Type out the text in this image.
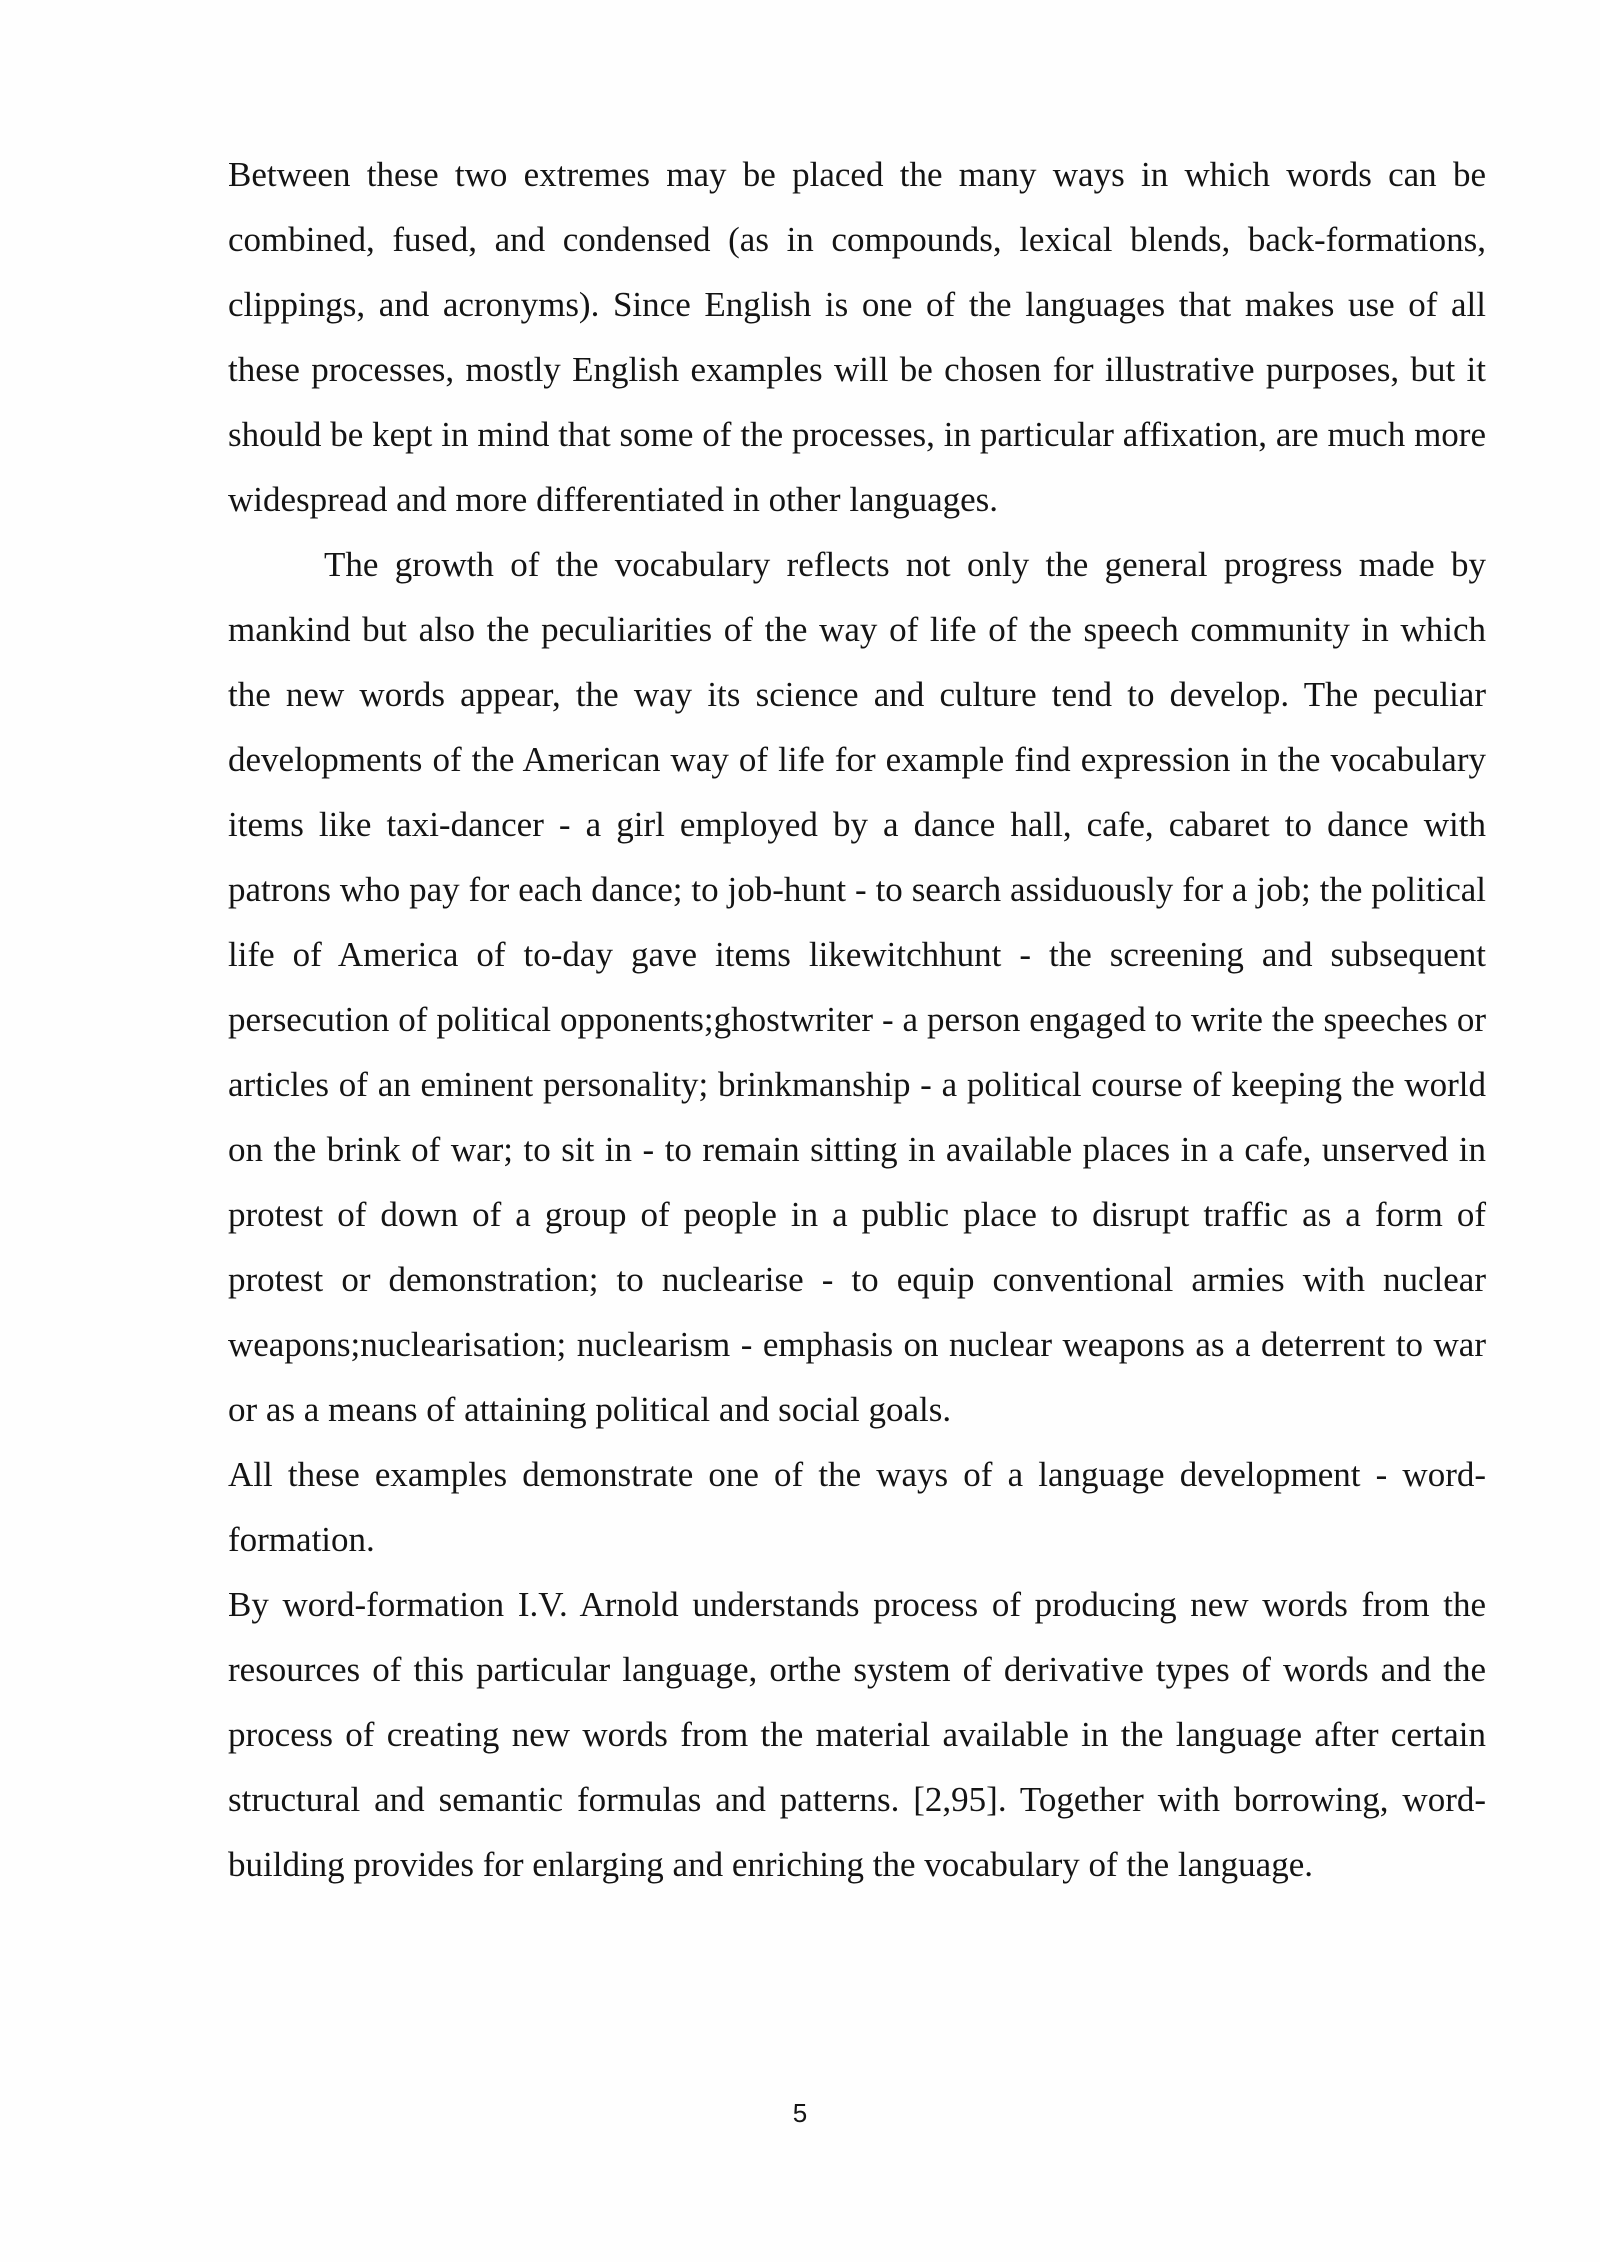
Between these two extremes may be placed the many ways in which words can be combined, fused, and condensed (as in compounds, lexical blends, back-formations, clippings, and acronyms). Since English is one of the languages that makes use of all these processes, mostly English examples will be chosen for illustrative purposes, but it should be kept in mind that some of the processes, in particular affixation, are much more widespread and more differentiated in other languages.

The growth of the vocabulary reflects not only the general progress made by mankind but also the peculiarities of the way of life of the speech community in which the new words appear, the way its science and culture tend to develop. The peculiar developments of the American way of life for example find expression in the vocabulary items like taxi-dancer - a girl employed by a dance hall, cafe, cabaret to dance with patrons who pay for each dance; to job-hunt - to search assiduously for a job; the political life of America of to-day gave items likewitchhunt - the screening and subsequent persecution of political opponents;ghostwriter - a person engaged to write the speeches or articles of an eminent personality; brinkmanship - a political course of keeping the world on the brink of war; to sit in - to remain sitting in available places in a cafe, unserved in protest of down of a group of people in a public place to disrupt traffic as a form of protest or demonstration; to nuclearise - to equip conventional armies with nuclear weapons;nuclearisation; nuclearism - emphasis on nuclear weapons as a deterrent to war or as a means of attaining political and social goals.

All these examples demonstrate one of the ways of a language development - word-formation.

By word-formation I.V. Arnold understands process of producing new words from the resources of this particular language, orthe system of derivative types of words and the process of creating new words from the material available in the language after certain structural and semantic formulas and patterns. [2,95]. Together with borrowing, word-building provides for enlarging and enriching the vocabulary of the language.

5
